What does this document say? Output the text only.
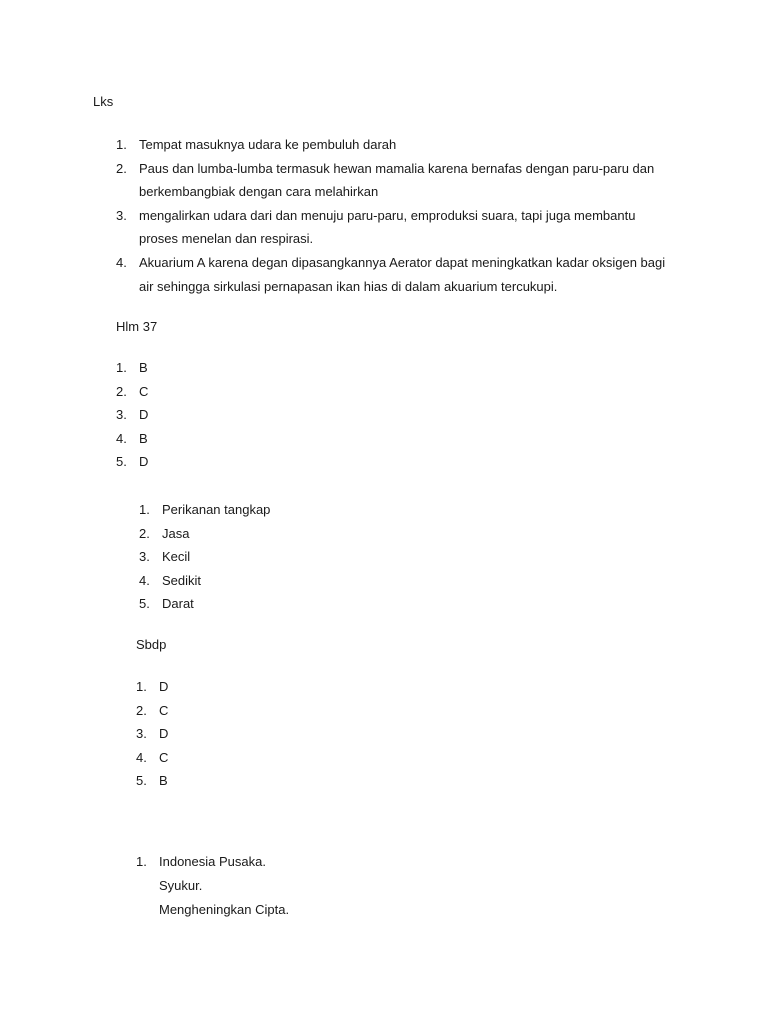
Lks
1. Tempat masuknya udara ke pembuluh darah
2. Paus dan lumba-lumba termasuk hewan mamalia karena bernafas dengan paru-paru dan berkembangbiak dengan cara melahirkan
3. mengalirkan udara dari dan menuju paru-paru, emproduksi suara, tapi juga membantu proses menelan dan respirasi.
4. Akuarium A karena degan dipasangkannya Aerator dapat meningkatkan kadar oksigen bagi air sehingga sirkulasi pernapasan ikan hias di dalam akuarium tercukupi.
Hlm 37
1. B
2. C
3. D
4. B
5. D
1. Perikanan tangkap
2. Jasa
3. Kecil
4. Sedikit
5. Darat
Sbdp
1. D
2. C
3. D
4. C
5. B
1. Indonesia Pusaka.
Syukur.
Mengheningkan Cipta.
